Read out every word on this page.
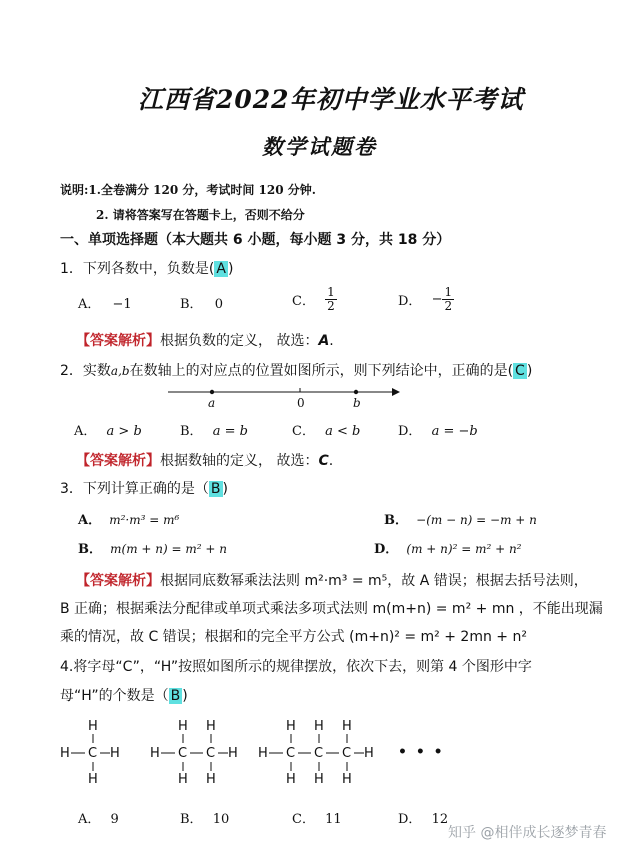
江西省2022年初中学业水平考试
数学试题卷
说明:1.全卷满分 120 分，考试时间 120 分钟.
2. 请将答案写在答题卡上，否则不给分
一、单项选择题（本大题共 6 小题，每小题 3 分，共 18 分）
1．下列各数中，负数是( A )
A． −1	B． 0	C． $\frac{1}{2}$	D． − $\frac{1}{2}$
【答案解析】根据负数的定义， 故选：A.
2．实数a,b在数轴上的对应点的位置如图所示，则下列结论中，正确的是( C )
a	0	b
A． a > b	B． a = b	C． a < b	D． a = −b
【答案解析】根据数轴的定义， 故选：C.
3．下列计算正确的是（ B )
A． m²·m³ = m⁶	B． −(m − n) = −m + n
B． m(m + n) = m² + n	D． (m + n)² = m² + n²
【答案解析】根据同底数幂乘法法则 m²·m³ = m⁵，故 A 错误；根据去括号法则，
B 正确；根据乘法分配律或单项式乘法多项式法则 m(m+n) = m² + mn ，不能出现漏
乘的情况，故 C 错误；根据和的完全平方公式 (m+n)² = m² + 2mn + n²
4.将字母“C”，“H”按照如图所示的规律摆放，依次下去，则第 4 个图形中字
母“H”的个数是（ B )
H
H C H
H
H H
H C C H
H H
H H H
H C C C H
H H H
• • •
A． 9	B． 10	C． 11	D． 12
知乎 @相伴成长逐梦青春
